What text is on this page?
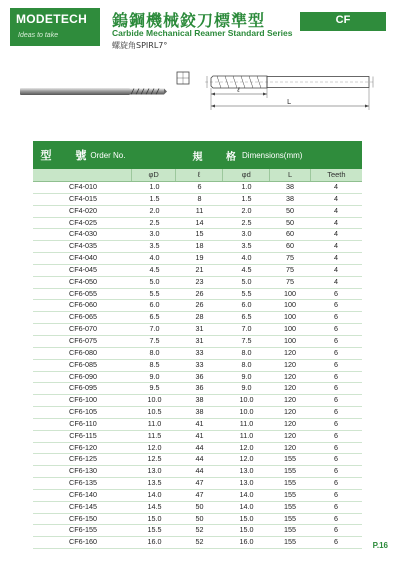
MODETECH
Ideas to take
鎢鋼機械鉸刀標準型
Carbide Mechanical Reamer Standard Series
螺旋角SPIRL7°
CF
ℓ
L
型 號
Order No.	規 格
Dimensions(mm)
φD	ℓ	φd	L	Teeth
CF4-010	1.0	6	1.0	38	4
CF4-015	1.5	8	1.5	38	4
CF4-020	2.0	11	2.0	50	4
CF4-025	2.5	14	2.5	50	4
CF4-030	3.0	15	3.0	60	4
CF4-035	3.5	18	3.5	60	4
CF4-040	4.0	19	4.0	75	4
CF4-045	4.5	21	4.5	75	4
CF4-050	5.0	23	5.0	75	4
CF6-055	5.5	26	5.5	100	6
CF6-060	6.0	26	6.0	100	6
CF6-065	6.5	28	6.5	100	6
CF6-070	7.0	31	7.0	100	6
CF6-075	7.5	31	7.5	100	6
CF6-080	8.0	33	8.0	120	6
CF6-085	8.5	33	8.0	120	6
CF6-090	9.0	36	9.0	120	6
CF6-095	9.5	36	9.0	120	6
CF6-100	10.0	38	10.0	120	6
CF6-105	10.5	38	10.0	120	6
CF6-110	11.0	41	11.0	120	6
CF6-115	11.5	41	11.0	120	6
CF6-120	12.0	44	12.0	120	6
CF6-125	12.5	44	12.0	155	6
CF6-130	13.0	44	13.0	155	6
CF6-135	13.5	47	13.0	155	6
CF6-140	14.0	47	14.0	155	6
CF6-145	14.5	50	14.0	155	6
CF6-150	15.0	50	15.0	155	6
CF6-155	15.5	52	15.0	155	6
CF6-160	16.0	52	16.0	155	6	P.16
